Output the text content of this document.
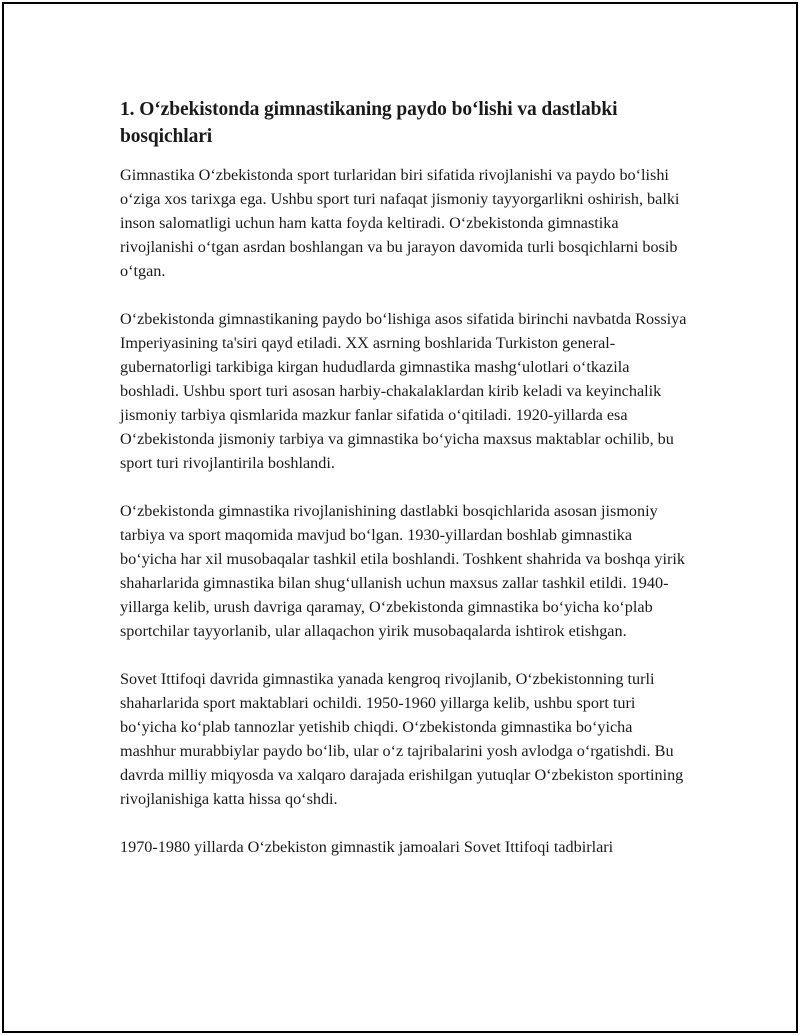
1. O‘zbekistonda gimnastikaning paydo bo‘lishi va dastlabki bosqichlari

Gimnastika O‘zbekistonda sport turlaridan biri sifatida rivojlanishi va paydo bo‘lishi o‘ziga xos tarixga ega. Ushbu sport turi nafaqat jismoniy tayyorgarlikni oshirish, balki inson salomatligi uchun ham katta foyda keltiradi. O‘zbekistonda gimnastika rivojlanishi o‘tgan asrdan boshlangan va bu jarayon davomida turli bosqichlarni bosib o‘tgan.

O‘zbekistonda gimnastikaning paydo bo‘lishiga asos sifatida birinchi navbatda Rossiya Imperiyasining ta'siri qayd etiladi. XX asrning boshlarida Turkiston general-gubernatorligi tarkibiga kirgan hududlarda gimnastika mashg‘ulotlari o‘tkazila boshladi. Ushbu sport turi asosan harbiy-chakalaklardan kirib keladi va keyinchalik jismoniy tarbiya qismlarida mazkur fanlar sifatida o‘qitiladi. 1920-yillarda esa O‘zbekistonda jismoniy tarbiya va gimnastika bo‘yicha maxsus maktablar ochilib, bu sport turi rivojlantirila boshlandi.

O‘zbekistonda gimnastika rivojlanishining dastlabki bosqichlarida asosan jismoniy tarbiya va sport maqomida mavjud bo‘lgan. 1930-yillardan boshlab gimnastika bo‘yicha har xil musobaqalar tashkil etila boshlandi. Toshkent shahrida va boshqa yirik shaharlarida gimnastika bilan shug‘ullanish uchun maxsus zallar tashkil etildi. 1940-yillarga kelib, urush davriga qaramay, O‘zbekistonda gimnastika bo‘yicha ko‘plab sportchilar tayyorlanib, ular allaqachon yirik musobaqalarda ishtirok etishgan.

Sovet Ittifoqi davrida gimnastika yanada kengroq rivojlanib, O‘zbekistonning turli shaharlarida sport maktablari ochildi. 1950-1960 yillarga kelib, ushbu sport turi bo‘yicha ko‘plab tannozlar yetishib chiqdi. O‘zbekistonda gimnastika bo‘yicha mashhur murabbiylar paydo bo‘lib, ular o‘z tajribalarini yosh avlodga o‘rgatishdi. Bu davrda milliy miqyosda va xalqaro darajada erishilgan yutuqlar O‘zbekiston sportining rivojlanishiga katta hissa qo‘shdi.

1970-1980 yillarda O‘zbekiston gimnastik jamoalari Sovet Ittifoqi tadbirlari
